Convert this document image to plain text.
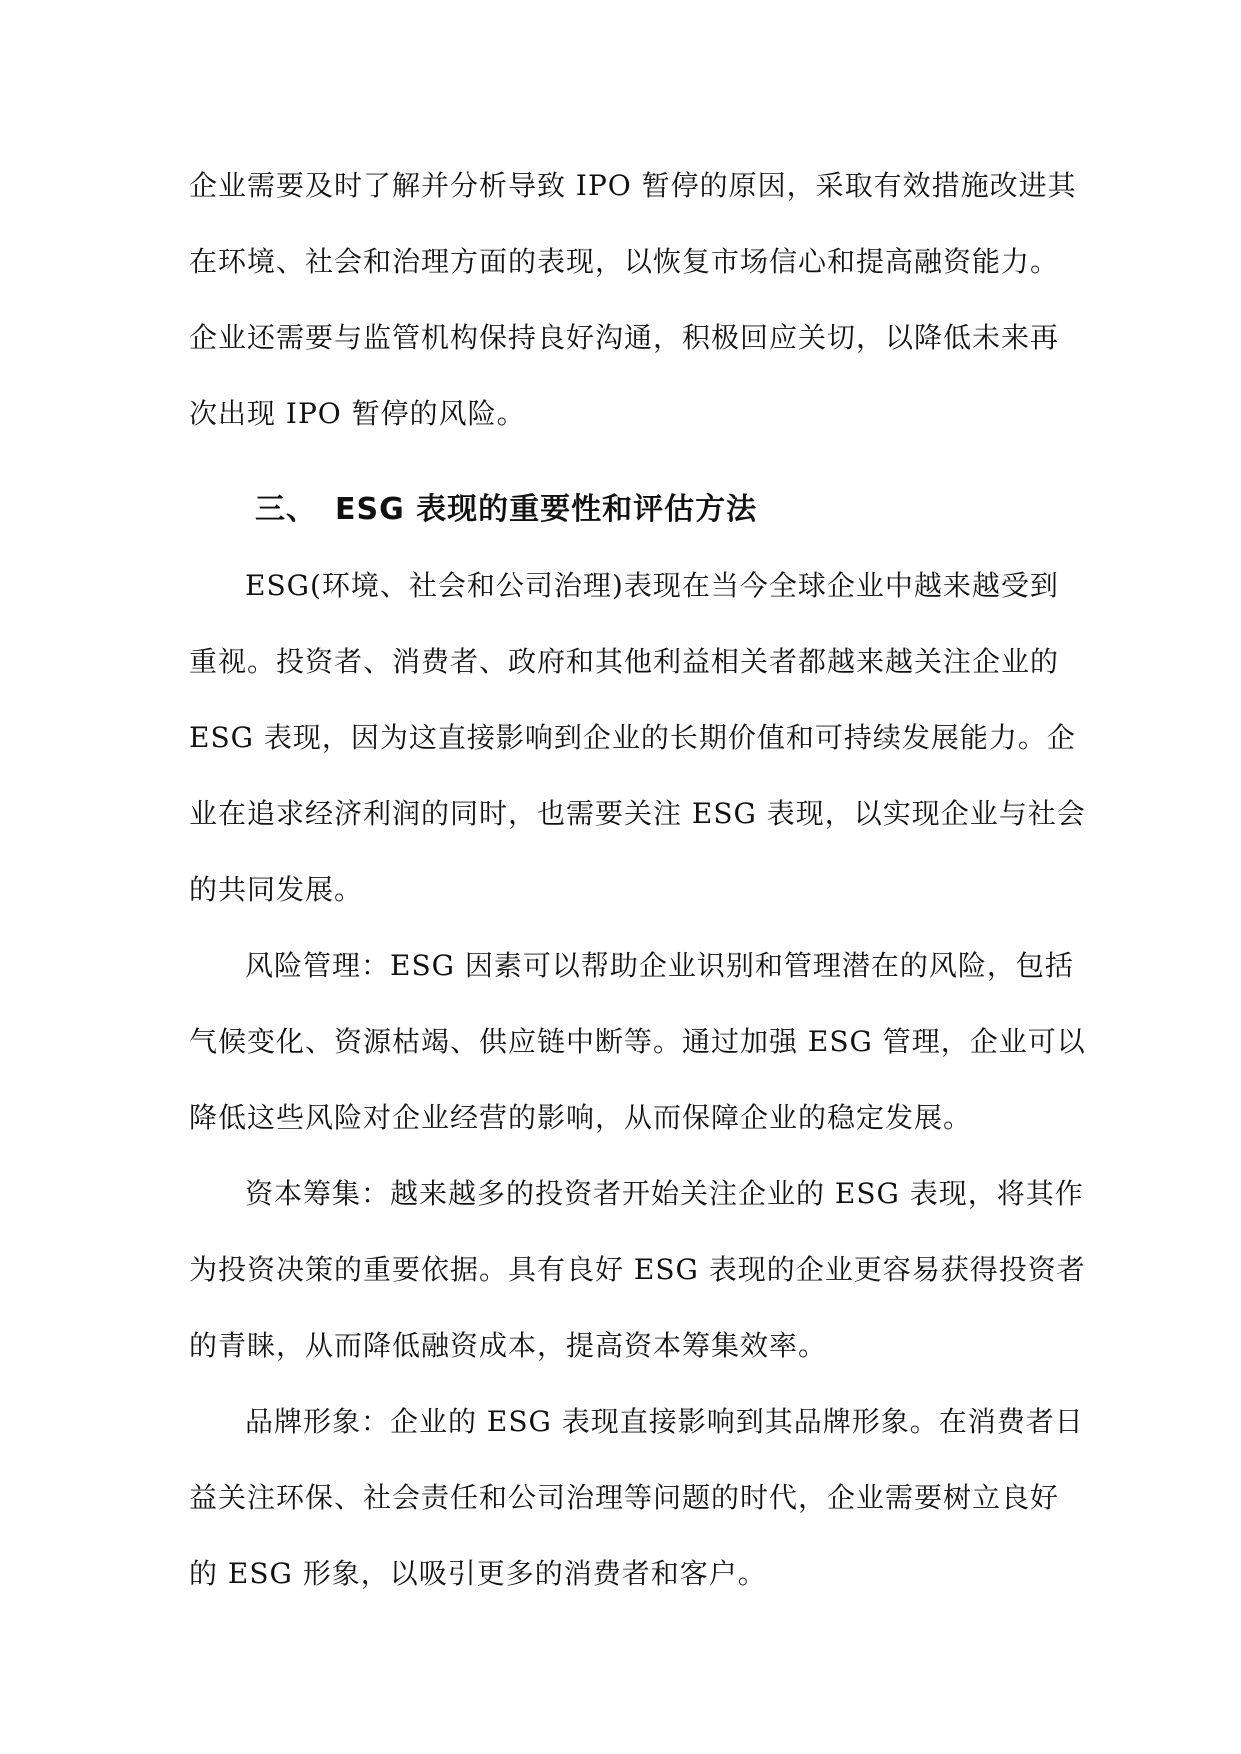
企业需要及时了解并分析导致 IPO 暂停的原因，采取有效措施改进其
在环境、社会和治理方面的表现，以恢复市场信心和提高融资能力。
企业还需要与监管机构保持良好沟通，积极回应关切，以降低未来再
次出现 IPO 暂停的风险。
三、 ESG 表现的重要性和评估方法
ESG(环境、社会和公司治理)表现在当今全球企业中越来越受到
重视。投资者、消费者、政府和其他利益相关者都越来越关注企业的
ESG 表现，因为这直接影响到企业的长期价值和可持续发展能力。企
业在追求经济利润的同时，也需要关注 ESG 表现，以实现企业与社会
的共同发展。
风险管理：ESG 因素可以帮助企业识别和管理潜在的风险，包括
气候变化、资源枯竭、供应链中断等。通过加强 ESG 管理，企业可以
降低这些风险对企业经营的影响，从而保障企业的稳定发展。
资本筹集：越来越多的投资者开始关注企业的 ESG 表现，将其作
为投资决策的重要依据。具有良好 ESG 表现的企业更容易获得投资者
的青睐，从而降低融资成本，提高资本筹集效率。
品牌形象：企业的 ESG 表现直接影响到其品牌形象。在消费者日
益关注环保、社会责任和公司治理等问题的时代，企业需要树立良好
的 ESG 形象，以吸引更多的消费者和客户。
